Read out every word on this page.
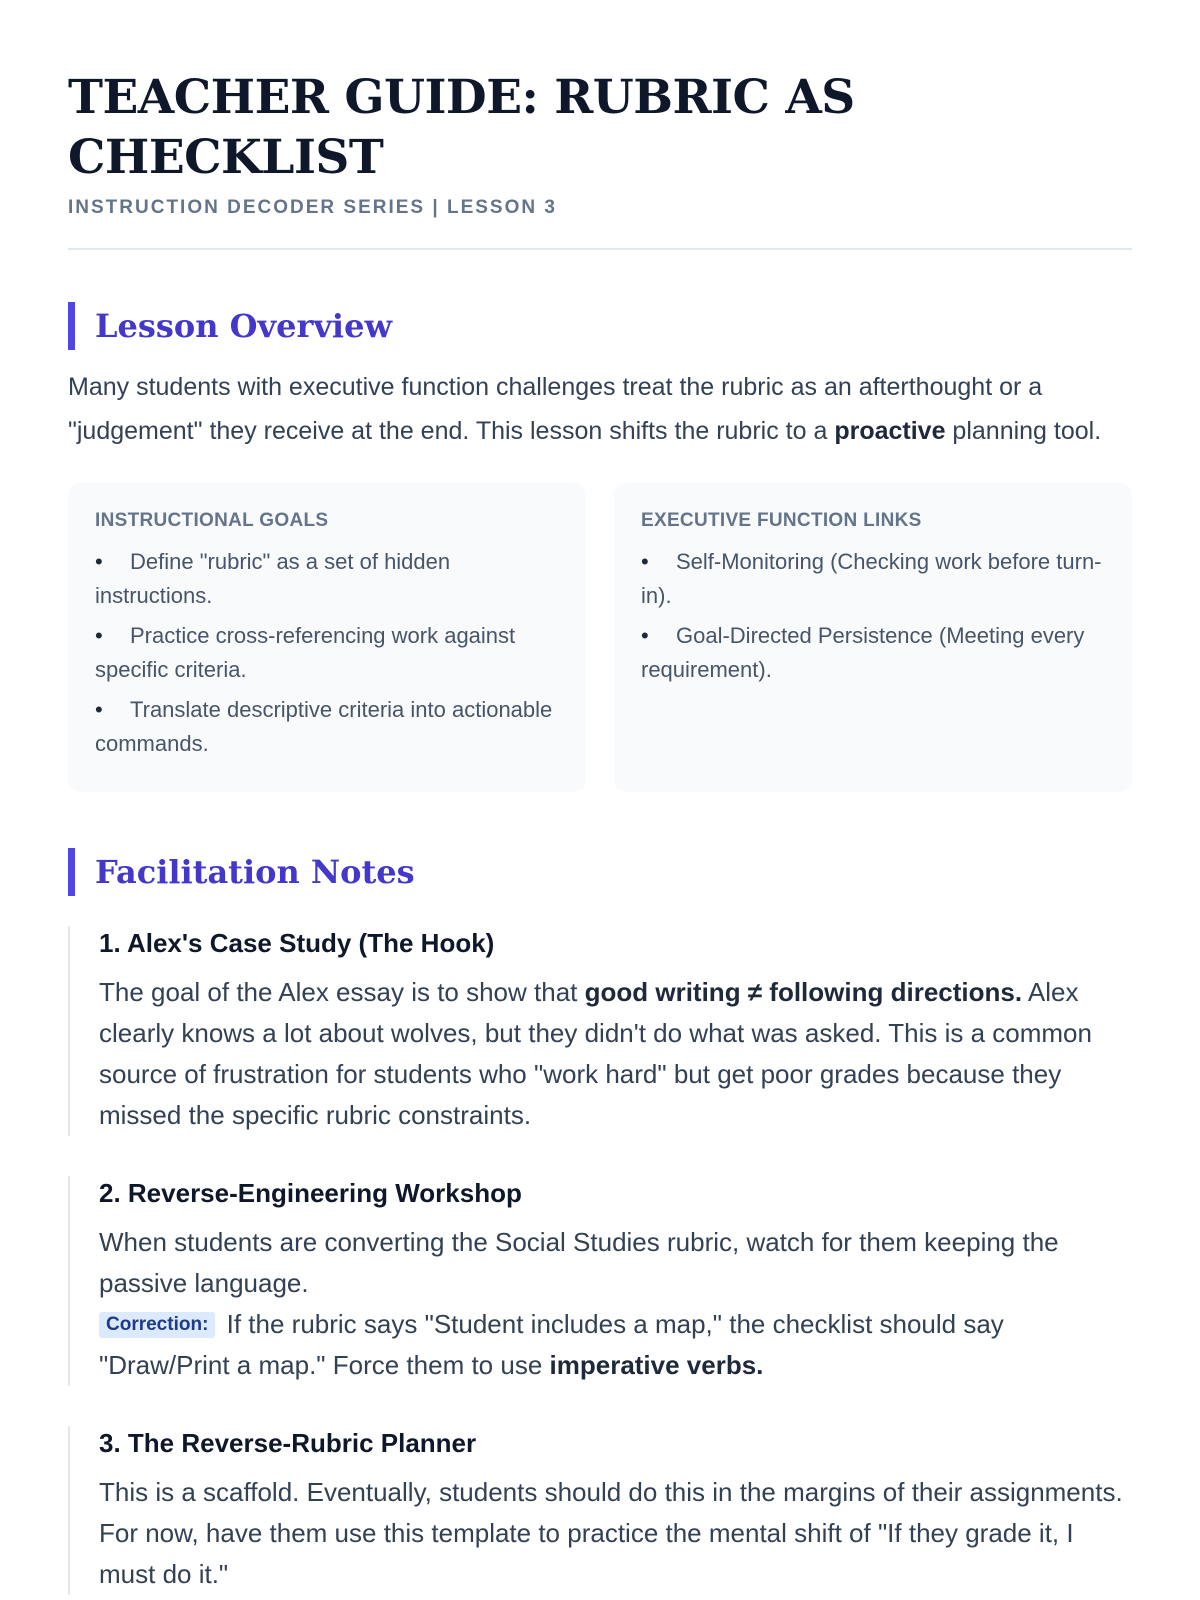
TEACHER GUIDE: RUBRIC AS CHECKLIST
INSTRUCTION DECODER SERIES | LESSON 3
Lesson Overview

Many students with executive function challenges treat the rubric as an afterthought or a "judgement" they receive at the end. This lesson shifts the rubric to a proactive planning tool.

INSTRUCTIONAL GOALS
• Define "rubric" as a set of hidden instructions.
• Practice cross-referencing work against specific criteria.
• Translate descriptive criteria into actionable commands.
EXECUTIVE FUNCTION LINKS
• Self-Monitoring (Checking work before turn-in).
• Goal-Directed Persistence (Meeting every requirement).
Facilitation Notes
1. Alex's Case Study (The Hook)

The goal of the Alex essay is to show that good writing ≠ following directions. Alex clearly knows a lot about wolves, but they didn't do what was asked. This is a common source of frustration for students who "work hard" but get poor grades because they missed the specific rubric constraints.

2. Reverse-Engineering Workshop

When students are converting the Social Studies rubric, watch for them keeping the passive language.
Correction: If the rubric says "Student includes a map," the checklist should say "Draw/Print a map." Force them to use imperative verbs.

3. The Reverse-Rubric Planner

This is a scaffold. Eventually, students should do this in the margins of their assignments. For now, have them use this template to practice the mental shift of "If they grade it, I must do it."
